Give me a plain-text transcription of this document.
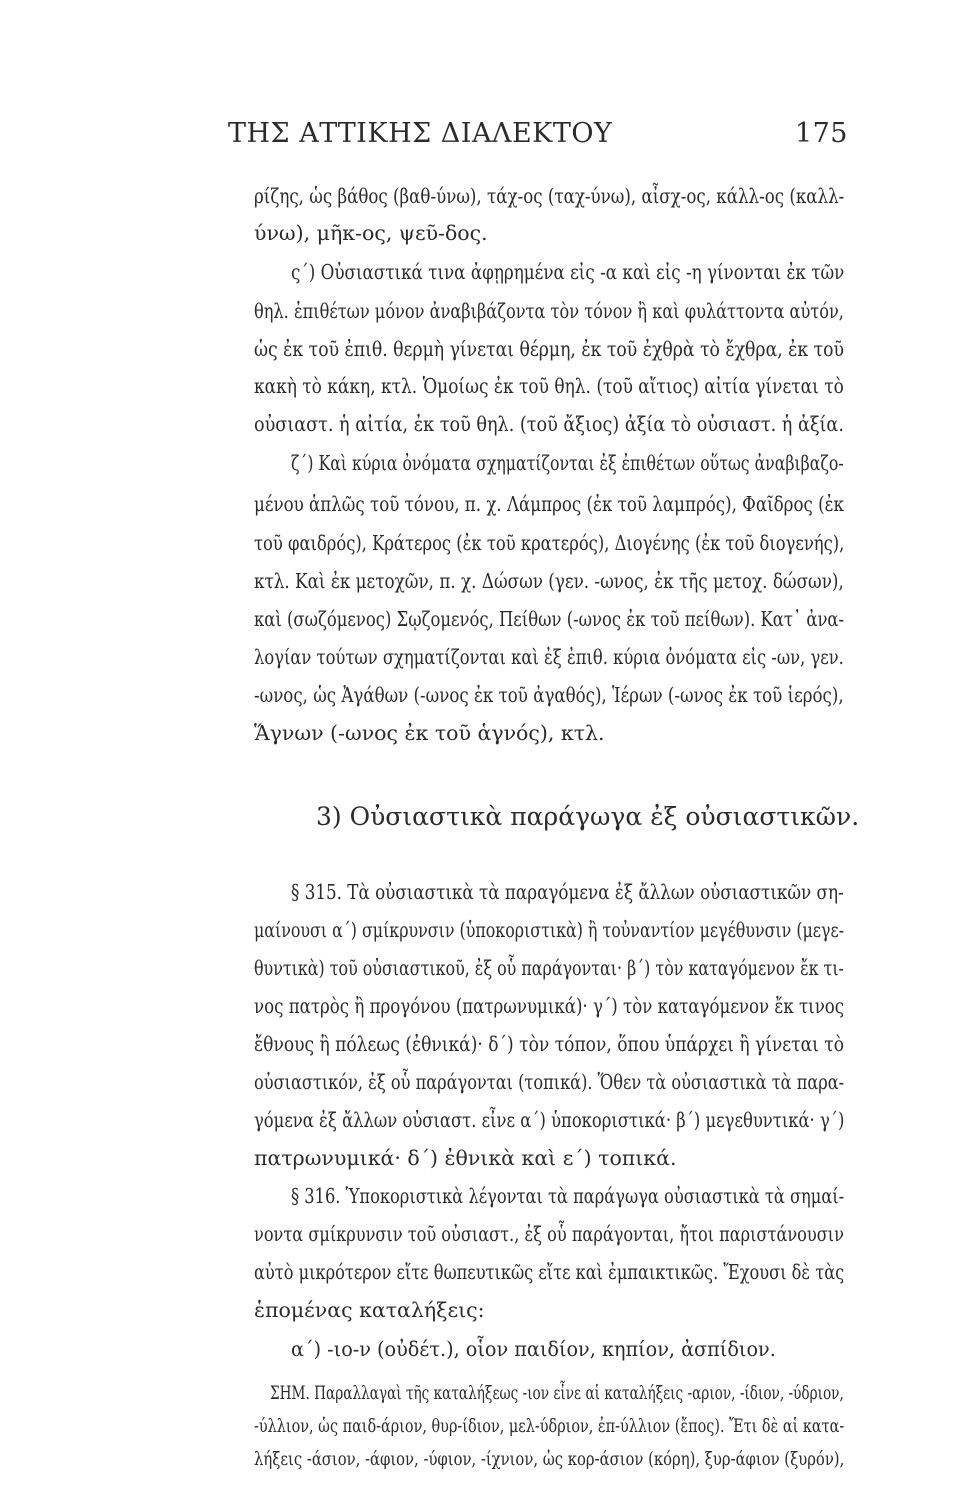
ΤΗΣ ΑΤΤΙΚΗΣ ΔΙΑΛΕΚΤΟΥ	175
ρίζης, ὡς βάθος (βαθ-ύνω), τάχ-ος (ταχ-ύνω), αἶσχ-ος, κάλλ-ος (καλλ-
ύνω), μῆκ-ος, ψεῦ-δος.
ς΄) Οὐσιαστικά τινα ἀφῃρημένα εἰς -α καὶ εἰς -η γίνονται ἐκ τῶν
θηλ. ἐπιθέτων μόνον ἀναβιβάζοντα τὸν τόνον ἢ καὶ φυλάττοντα αὐτόν,
ὡς ἐκ τοῦ ἐπιθ. θερμὴ γίνεται θέρμη, ἐκ τοῦ ἐχθρὰ τὸ ἔχθρα, ἐκ τοῦ
κακὴ τὸ κάκη, κτλ. Ὁμοίως ἐκ τοῦ θηλ. (τοῦ αἴτιος) αἰτία γίνεται τὸ
οὐσιαστ. ἡ αἰτία, ἐκ τοῦ θηλ. (τοῦ ἄξιος) ἀξία τὸ οὐσιαστ. ἡ ἀξία.
ζ΄) Καὶ κύρια ὀνόματα σχηματίζονται ἐξ ἐπιθέτων οὕτως ἀναβιβαζο-
μένου ἁπλῶς τοῦ τόνου, π. χ. Λάμπρος (ἐκ τοῦ λαμπρός), Φαῖδρος (ἐκ
τοῦ φαιδρός), Κράτερος (ἐκ τοῦ κρατερός), Διογένης (ἐκ τοῦ διογενής),
κτλ. Καὶ ἐκ μετοχῶν, π. χ. Δώσων (γεν. -ωνος, ἐκ τῆς μετοχ. δώσων),
καὶ (σωζόμενος) Σῳζομενός, Πείθων (-ωνος ἐκ τοῦ πείθων). Κατ᾿ ἀνα-
λογίαν τούτων σχηματίζονται καὶ ἐξ ἐπιθ. κύρια ὀνόματα εἰς -ων, γεν.
-ωνος, ὡς Ἀγάθων (-ωνος ἐκ τοῦ ἀγαθός), Ἱέρων (-ωνος ἐκ τοῦ ἱερός),
Ἅγνων (-ωνος ἐκ τοῦ ἁγνός), κτλ.
3) Οὐσιαστικὰ παράγωγα ἐξ οὐσιαστικῶν.
§ 315. Τὰ οὐσιαστικὰ τὰ παραγόμενα ἐξ ἄλλων οὐσιαστικῶν ση-
μαίνουσι α΄) σμίκρυνσιν (ὑποκοριστικὰ) ἢ τοὐναντίον μεγέθυνσιν (μεγε-
θυντικὰ) τοῦ οὐσιαστικοῦ, ἐξ οὗ παράγονται· β΄) τὸν καταγόμενον ἔκ τι-
νος πατρὸς ἢ προγόνου (πατρωνυμικά)· γ΄) τὸν καταγόμενον ἔκ τινος
ἔθνους ἢ πόλεως (ἐθνικά)· δ΄) τὸν τόπον, ὅπου ὑπάρχει ἢ γίνεται τὸ
οὐσιαστικόν, ἐξ οὗ παράγονται (τοπικά). Ὅθεν τὰ οὐσιαστικὰ τὰ παρα-
γόμενα ἐξ ἄλλων οὐσιαστ. εἶνε α΄) ὑποκοριστικά· β΄) μεγεθυντικά· γ΄)
πατρωνυμικά· δ΄) ἐθνικὰ καὶ ε΄) τοπικά.
§ 316. Ὑποκοριστικὰ λέγονται τὰ παράγωγα οὐσιαστικὰ τὰ σημαί-
νοντα σμίκρυνσιν τοῦ οὐσιαστ., ἐξ οὗ παράγονται, ἤτοι παριστάνουσιν
αὐτὸ μικρότερον εἴτε θωπευτικῶς εἴτε καὶ ἐμπαικτικῶς. Ἔχουσι δὲ τὰς
ἑπομένας καταλήξεις:
α΄) -ιο-ν (οὐδέτ.), οἷον παιδίον, κηπίον, ἀσπίδιον.
ΣΗΜ. Παραλλαγαὶ τῆς καταλήξεως -ιον εἶνε αἱ καταλήξεις -αριον, -ίδιον, -ύδριον,
-ύλλιον, ὡς παιδ-άριον, θυρ-ίδιον, μελ-ύδριον, ἐπ-ύλλιον (ἔπος). Ἔτι δὲ αἱ κατα-
λήξεις -άσιον, -άφιον, -ύφιον, -ίχνιον, ὡς κορ-άσιον (κόρη), ξυρ-άφιον (ξυρόν),
